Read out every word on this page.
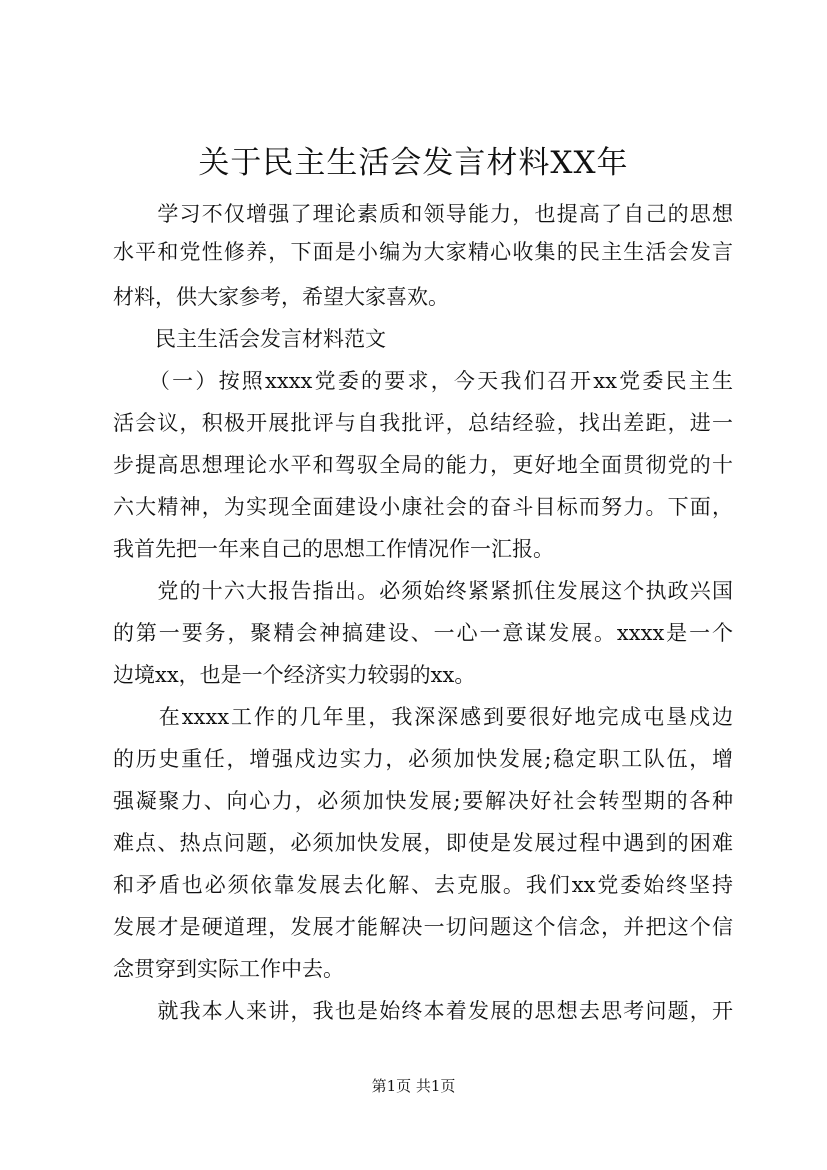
关于民主生活会发言材料XX年
　　学习不仅增强了理论素质和领导能力，也提高了自己的思想
水平和党性修养，下面是小编为大家精心收集的民主生活会发言
材料，供大家参考，希望大家喜欢。
　　民主生活会发言材料范文
　　（一）按照xxxx党委的要求，今天我们召开xx党委民主生
活会议，积极开展批评与自我批评，总结经验，找出差距，进一
步提高思想理论水平和驾驭全局的能力，更好地全面贯彻党的十
六大精神，为实现全面建设小康社会的奋斗目标而努力。下面，
我首先把一年来自己的思想工作情况作一汇报。
　　党的十六大报告指出。必须始终紧紧抓住发展这个执政兴国
的第一要务，聚精会神搞建设、一心一意谋发展。xxxx是一个
边境xx，也是一个经济实力较弱的xx。
　　在xxxx工作的几年里，我深深感到要很好地完成屯垦戍边
的历史重任，增强戍边实力，必须加快发展;稳定职工队伍，增
强凝聚力、向心力，必须加快发展;要解决好社会转型期的各种
难点、热点问题，必须加快发展，即使是发展过程中遇到的困难
和矛盾也必须依靠发展去化解、去克服。我们xx党委始终坚持
发展才是硬道理，发展才能解决一切问题这个信念，并把这个信
念贯穿到实际工作中去。
　　就我本人来讲，我也是始终本着发展的思想去思考问题，开
第1页 共1页
